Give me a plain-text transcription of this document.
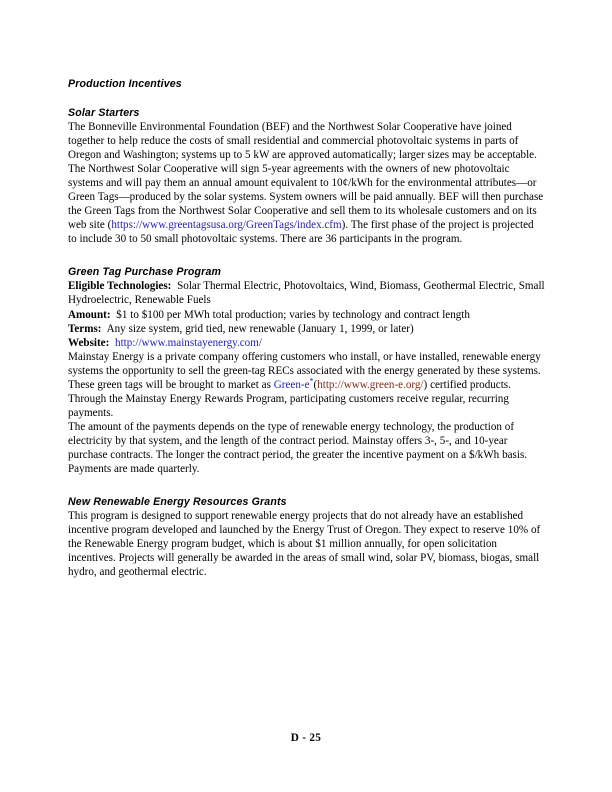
Production Incentives
Solar Starters

The Bonneville Environmental Foundation (BEF) and the Northwest Solar Cooperative have joined together to help reduce the costs of small residential and commercial photovoltaic systems in parts of Oregon and Washington; systems up to 5 kW are approved automatically; larger sizes may be acceptable. The Northwest Solar Cooperative will sign 5-year agreements with the owners of new photovoltaic systems and will pay them an annual amount equivalent to 10¢/kWh for the environmental attributes—or Green Tags—produced by the solar systems. System owners will be paid annually. BEF will then purchase the Green Tags from the Northwest Solar Cooperative and sell them to its wholesale customers and on its web site (https://www.greentagsusa.org/GreenTags/index.cfm). The first phase of the project is projected to include 30 to 50 small photovoltaic systems. There are 36 participants in the program.

Green Tag Purchase Program

Eligible Technologies: Solar Thermal Electric, Photovoltaics, Wind, Biomass, Geothermal Electric, Small Hydroelectric, Renewable Fuels

Amount: $1 to $100 per MWh total production; varies by technology and contract length

Terms: Any size system, grid tied, new renewable (January 1, 1999, or later)

Website: http://www.mainstayenergy.com/

Mainstay Energy is a private company offering customers who install, or have installed, renewable energy systems the opportunity to sell the green-tag RECs associated with the energy generated by these systems. These green tags will be brought to market as Green-e*(http://www.green-e.org/) certified products. Through the Mainstay Energy Rewards Program, participating customers receive regular, recurring payments.

The amount of the payments depends on the type of renewable energy technology, the production of electricity by that system, and the length of the contract period. Mainstay offers 3-, 5-, and 10-year purchase contracts. The longer the contract period, the greater the incentive payment on a $/kWh basis. Payments are made quarterly.

New Renewable Energy Resources Grants

This program is designed to support renewable energy projects that do not already have an established incentive program developed and launched by the Energy Trust of Oregon. They expect to reserve 10% of the Renewable Energy program budget, which is about $1 million annually, for open solicitation incentives. Projects will generally be awarded in the areas of small wind, solar PV, biomass, biogas, small hydro, and geothermal electric.

D - 25
